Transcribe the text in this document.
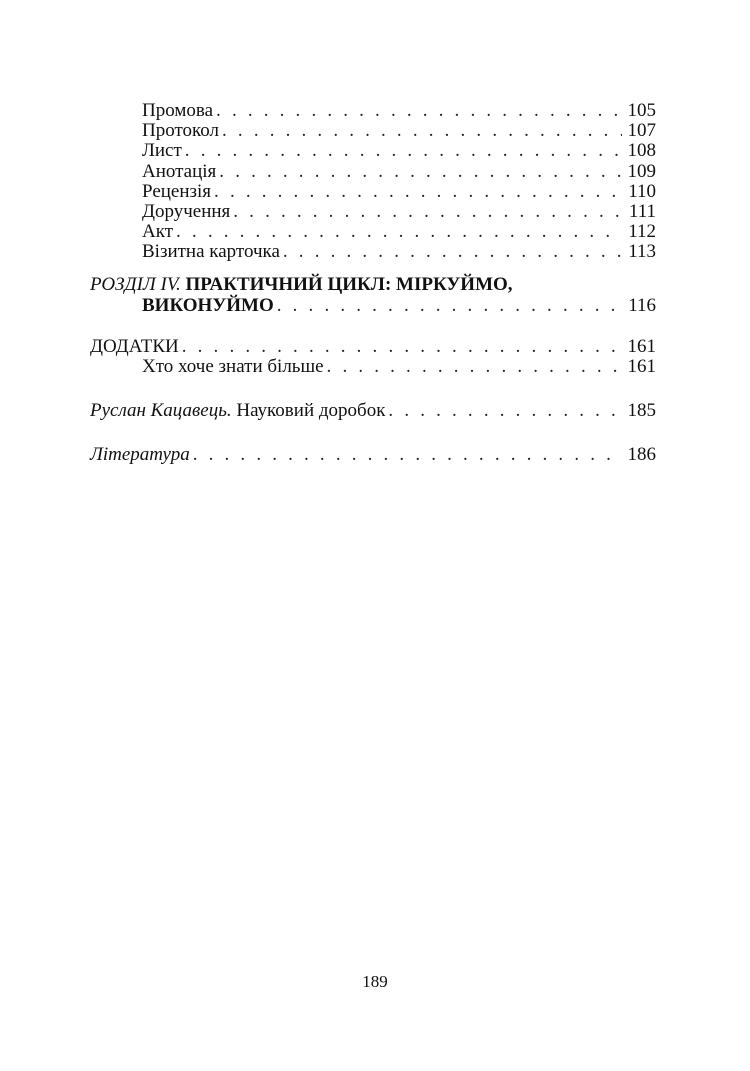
Промова . . .	105
Протокол . . .	107
Лист . . .	108
Анотація . . .	109
Рецензія . . .	110
Доручення . . .	111
Акт . . .	112
Візитна карточка . . .	113
РОЗДІЛ IV. ПРАКТИЧНИЙ ЦИКЛ: МІРКУЙМО,
ВИКОНУЙМО . . .	116
ДОДАТКИ . . .	161
Хто хоче знати більше . . .	161
Руслан Кацавець. Науковий доробок . . .	185
Література . . .	186
189
